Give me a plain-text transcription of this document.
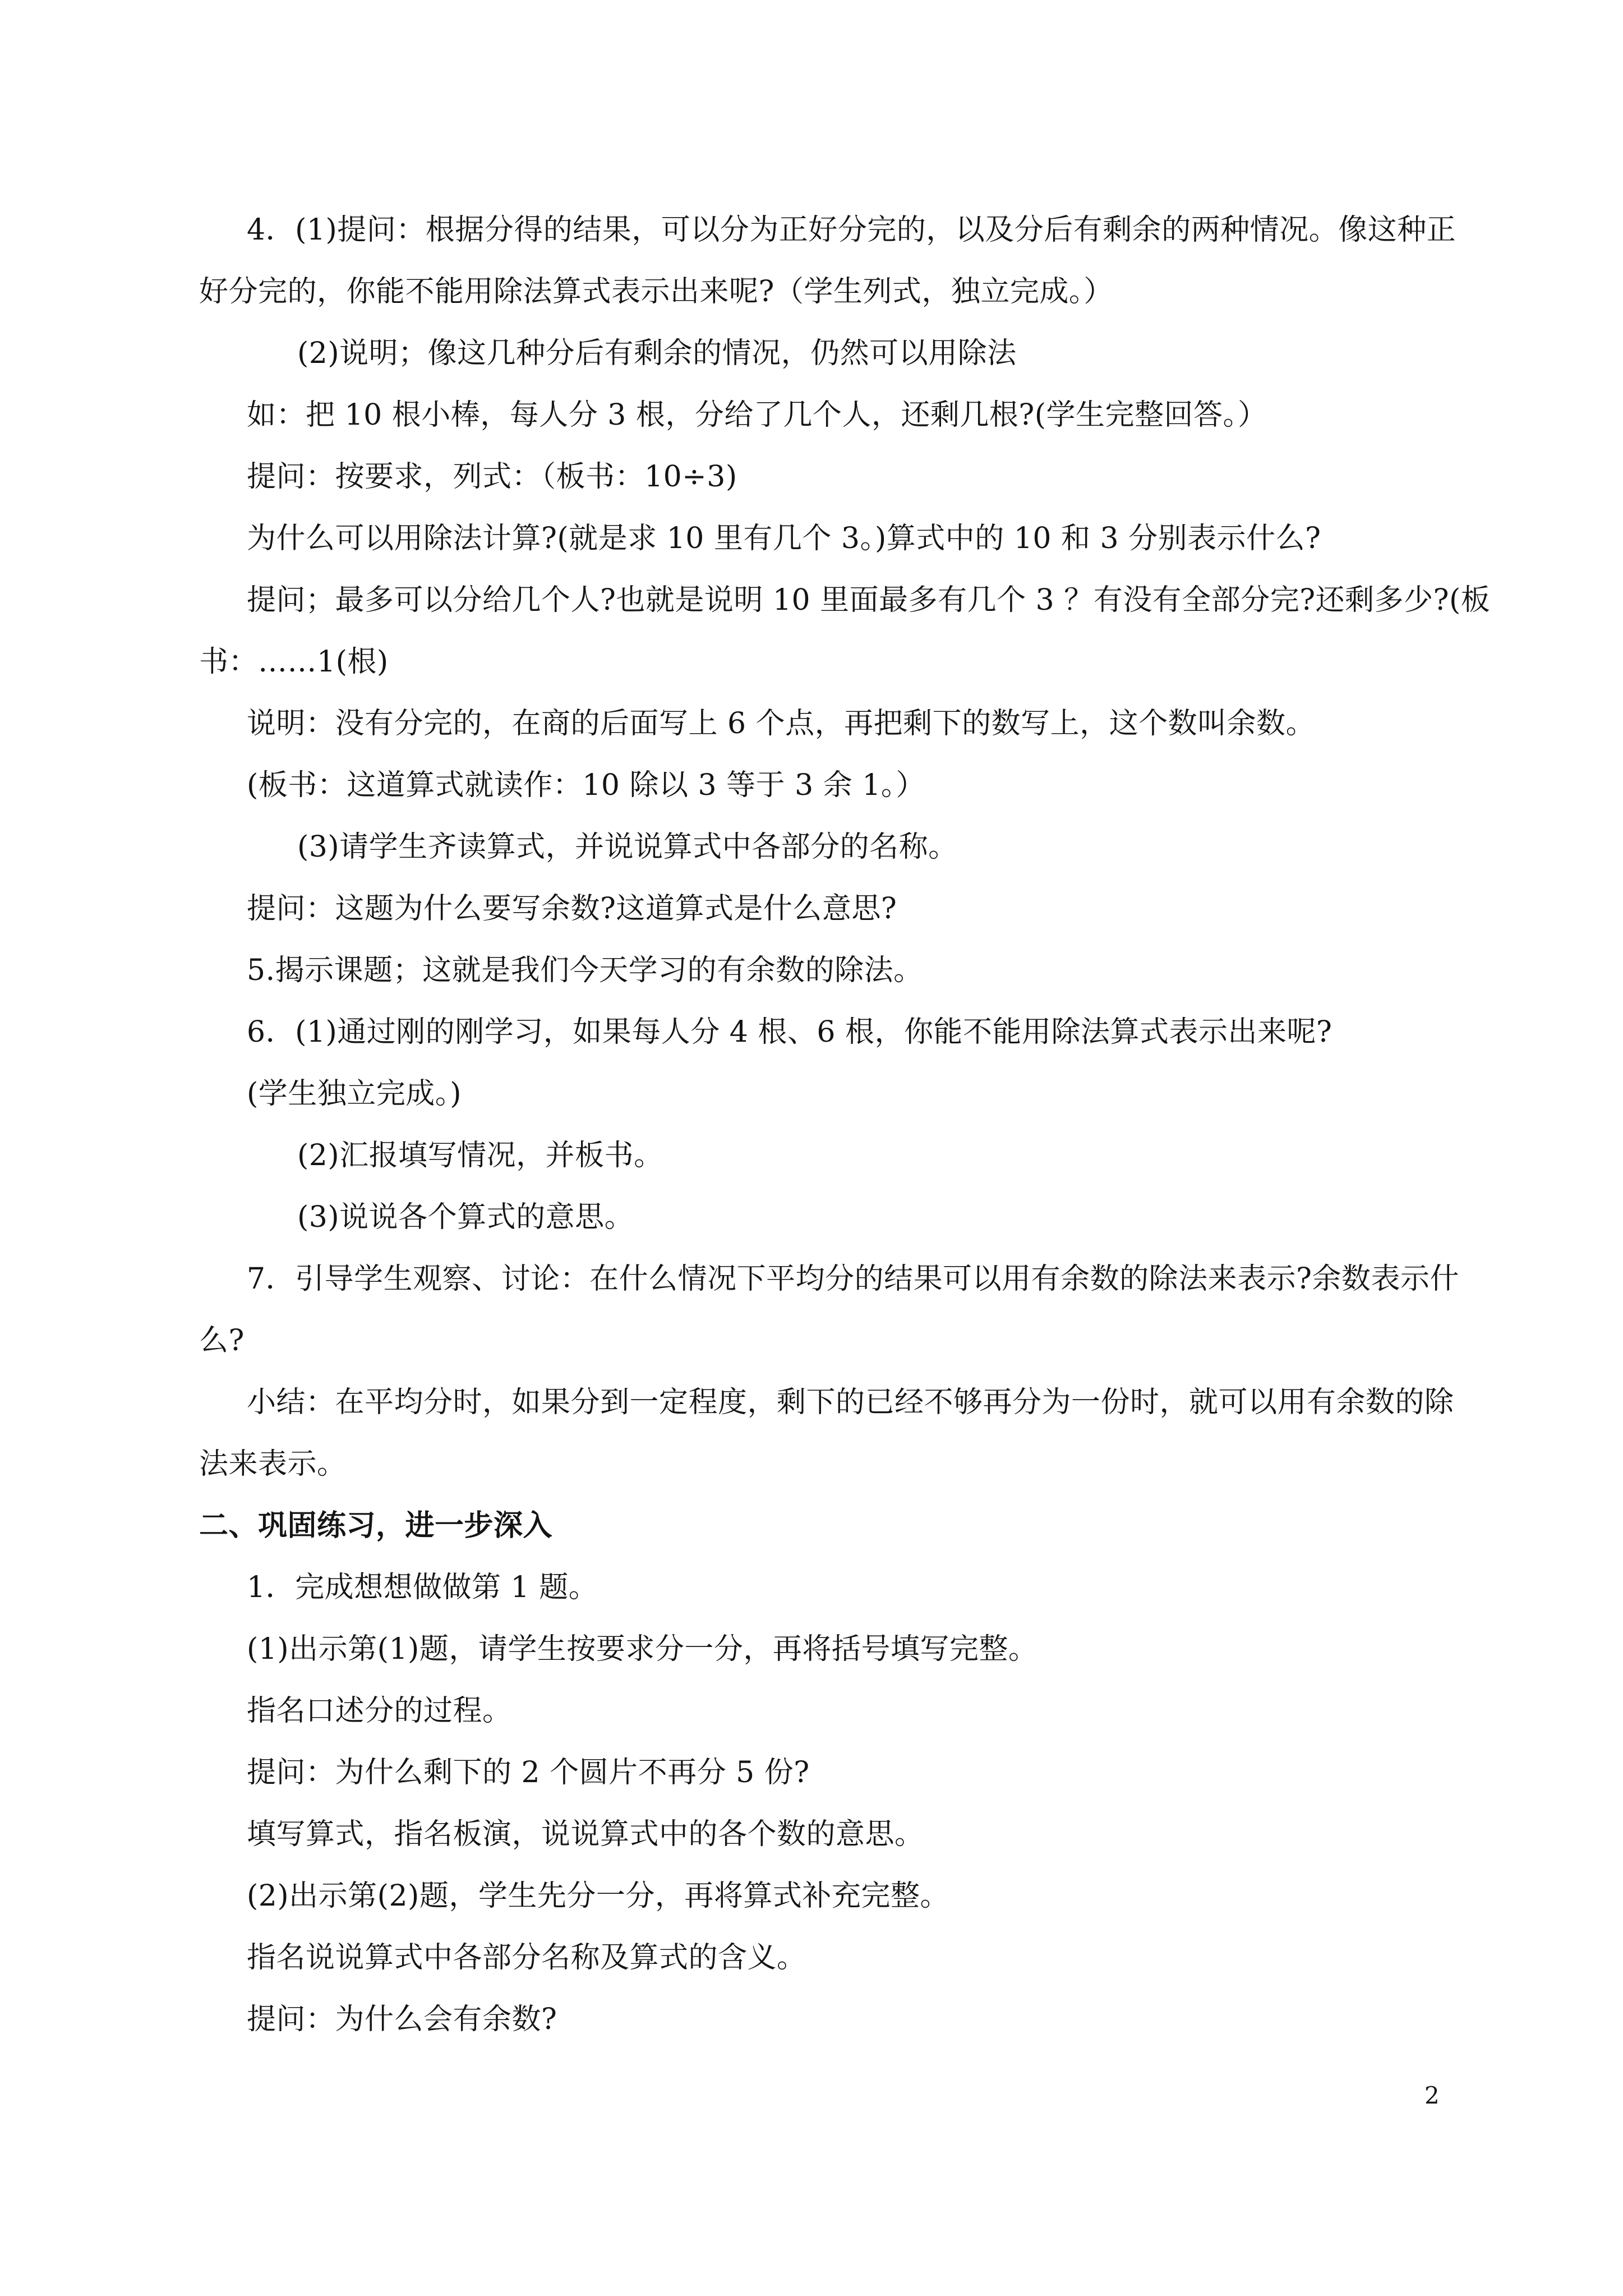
4．(1)提问：根据分得的结果，可以分为正好分完的，以及分后有剩余的两种情况。像这种正
好分完的，你能不能用除法算式表示出来呢?（学生列式，独立完成。）
(2)说明；像这几种分后有剩余的情况，仍然可以用除法
如：把 10 根小棒，每人分 3 根，分给了几个人，还剩几根?(学生完整回答。）
提问：按要求，列式：（板书：10÷3)
为什么可以用除法计算?(就是求 10 里有几个 3。)算式中的 10 和 3 分别表示什么?
提问；最多可以分给几个人?也就是说明 10 里面最多有几个 3 ？有没有全部分完?还剩多少?(板
书：……1(根)
说明：没有分完的，在商的后面写上 6 个点，再把剩下的数写上，这个数叫余数。
(板书：这道算式就读作：10 除以 3 等于 3 余 1。）
(3)请学生齐读算式，并说说算式中各部分的名称。
提问：这题为什么要写余数?这道算式是什么意思?
5.揭示课题；这就是我们今天学习的有余数的除法。
6．(1)通过刚的刚学习，如果每人分 4 根、6 根，你能不能用除法算式表示出来呢?
(学生独立完成。)
(2)汇报填写情况，并板书。
(3)说说各个算式的意思。
7．引导学生观察、讨论：在什么情况下平均分的结果可以用有余数的除法来表示?余数表示什
么?
小结：在平均分时，如果分到一定程度，剩下的已经不够再分为一份时，就可以用有余数的除
法来表示。
二、巩固练习，进一步深入
1．完成想想做做第 1 题。
(1)出示第(1)题，请学生按要求分一分，再将括号填写完整。
指名口述分的过程。
提问：为什么剩下的 2 个圆片不再分 5 份?
填写算式，指名板演，说说算式中的各个数的意思。
(2)出示第(2)题，学生先分一分，再将算式补充完整。
指名说说算式中各部分名称及算式的含义。
提问：为什么会有余数?
2
